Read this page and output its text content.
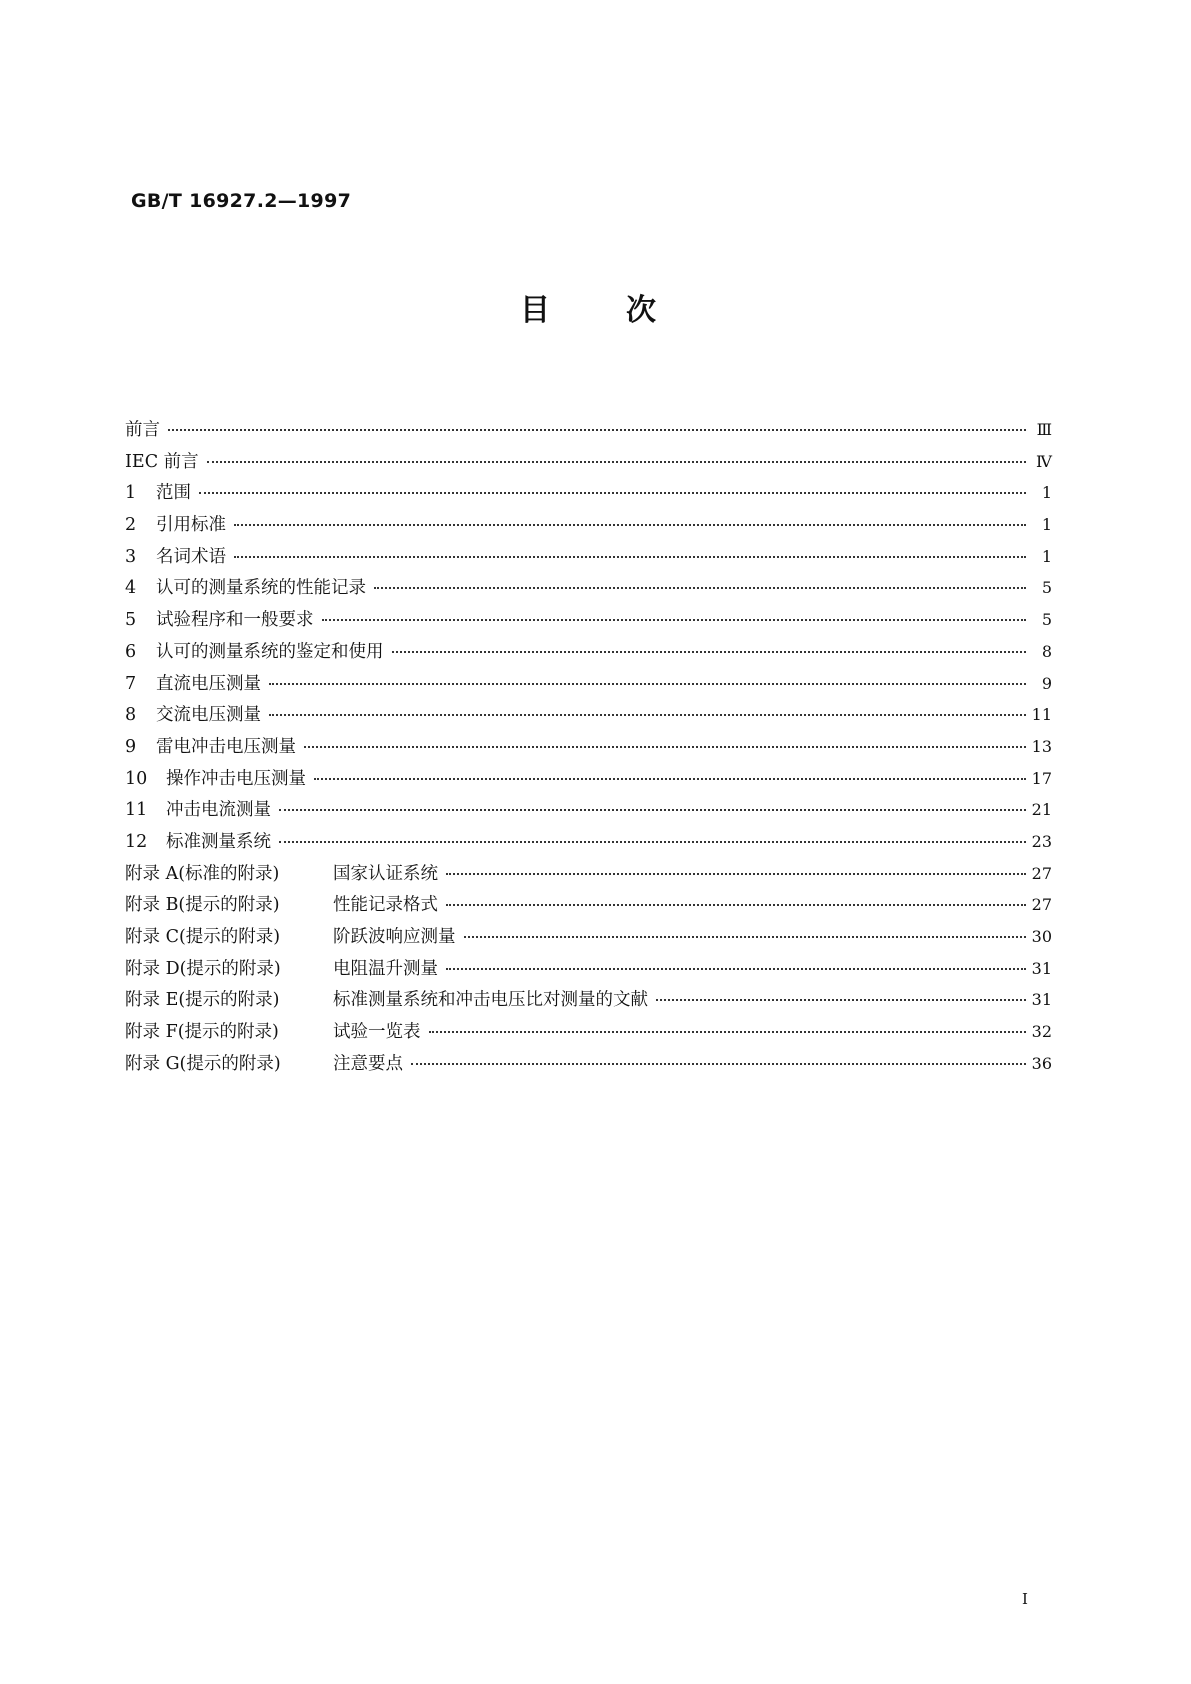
GB/T 16927.2—1997
目	次
前言	Ⅲ
IEC 前言	Ⅳ
1	范围	1
2	引用标准	1
3	名词术语	1
4	认可的测量系统的性能记录	5
5	试验程序和一般要求	5
6	认可的测量系统的鉴定和使用	8
7	直流电压测量	9
8	交流电压测量	11
9	雷电冲击电压测量	13
10	操作冲击电压测量	17
11	冲击电流测量	21
12	标准测量系统	23
附录 A(标准的附录)	国家认证系统	27
附录 B(提示的附录)	性能记录格式	27
附录 C(提示的附录)	阶跃波响应测量	30
附录 D(提示的附录)	电阻温升测量	31
附录 E(提示的附录)	标准测量系统和冲击电压比对测量的文献	31
附录 F(提示的附录)	试验一览表	32
附录 G(提示的附录)	注意要点	36
I
